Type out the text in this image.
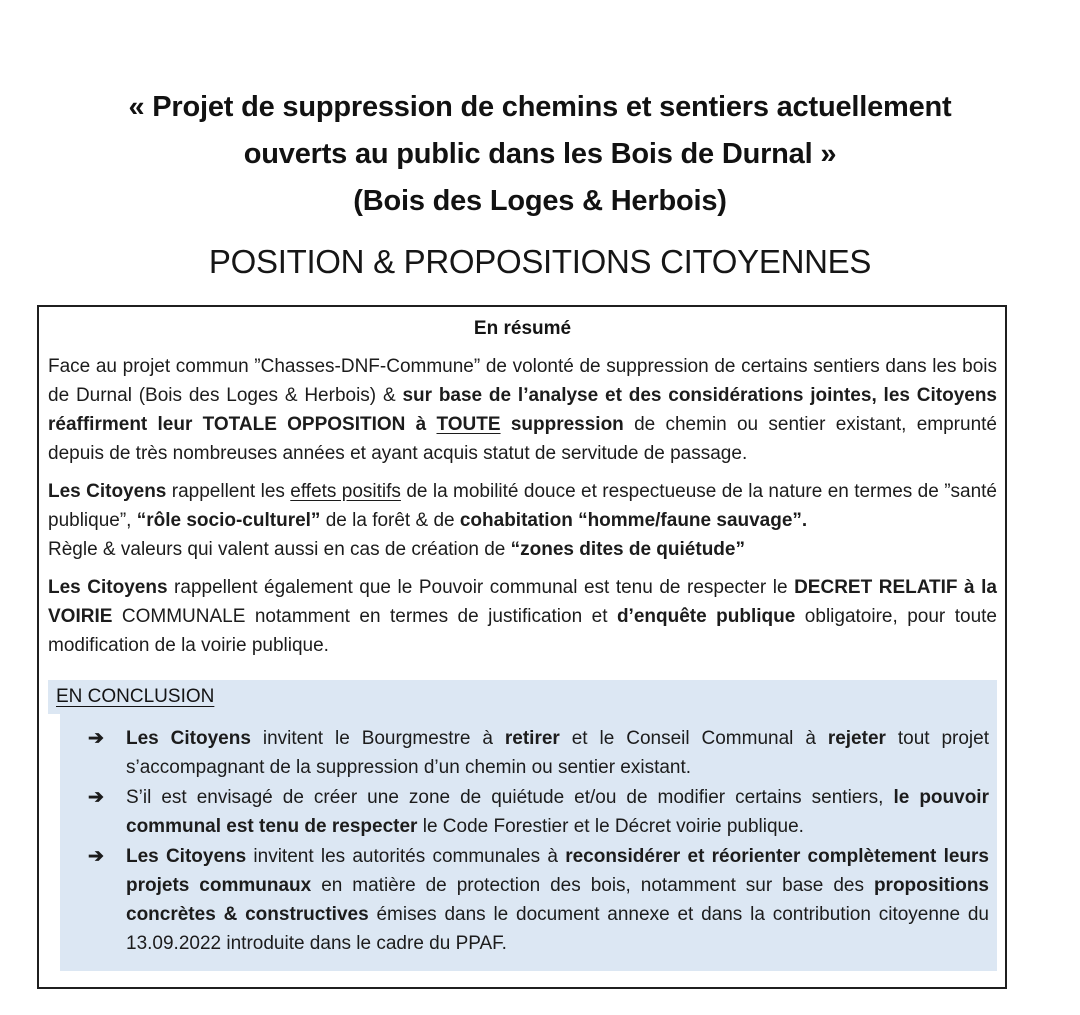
« Projet de suppression de chemins et sentiers actuellement
ouverts au public dans les Bois de Durnal »
(Bois des Loges & Herbois)
POSITION & PROPOSITIONS CITOYENNES
En résumé

Face au projet commun ”Chasses-DNF-Commune” de volonté de suppression de certains sentiers dans les bois de Durnal (Bois des Loges & Herbois) & sur base de l’analyse et des considérations jointes, les Citoyens réaffirment leur TOTALE OPPOSITION à TOUTE suppression de chemin ou sentier existant, emprunté depuis de très nombreuses années et ayant acquis statut de servitude de passage.

Les Citoyens rappellent les effets positifs de la mobilité douce et respectueuse de la nature en termes de ”santé publique”, “rôle socio-culturel” de la forêt & de cohabitation “homme/faune sauvage”.
Règle & valeurs qui valent aussi en cas de création de “zones dites de quiétude”

Les Citoyens rappellent également que le Pouvoir communal est tenu de respecter le DECRET RELATIF à la VOIRIE COMMUNALE notamment en termes de justification et d’enquête publique obligatoire, pour toute modification de la voirie publique.

EN CONCLUSION
➔ Les Citoyens invitent le Bourgmestre à retirer et le Conseil Communal à rejeter tout projet s’accompagnant de la suppression d’un chemin ou sentier existant.
➔ S’il est envisagé de créer une zone de quiétude et/ou de modifier certains sentiers, le pouvoir communal est tenu de respecter le Code Forestier et le Décret voirie publique.
➔ Les Citoyens invitent les autorités communales à reconsidérer et réorienter complètement leurs projets communaux en matière de protection des bois, notamment sur base des propositions concrètes & constructives émises dans le document annexe et dans la contribution citoyenne du 13.09.2022 introduite dans le cadre du PPAF.
